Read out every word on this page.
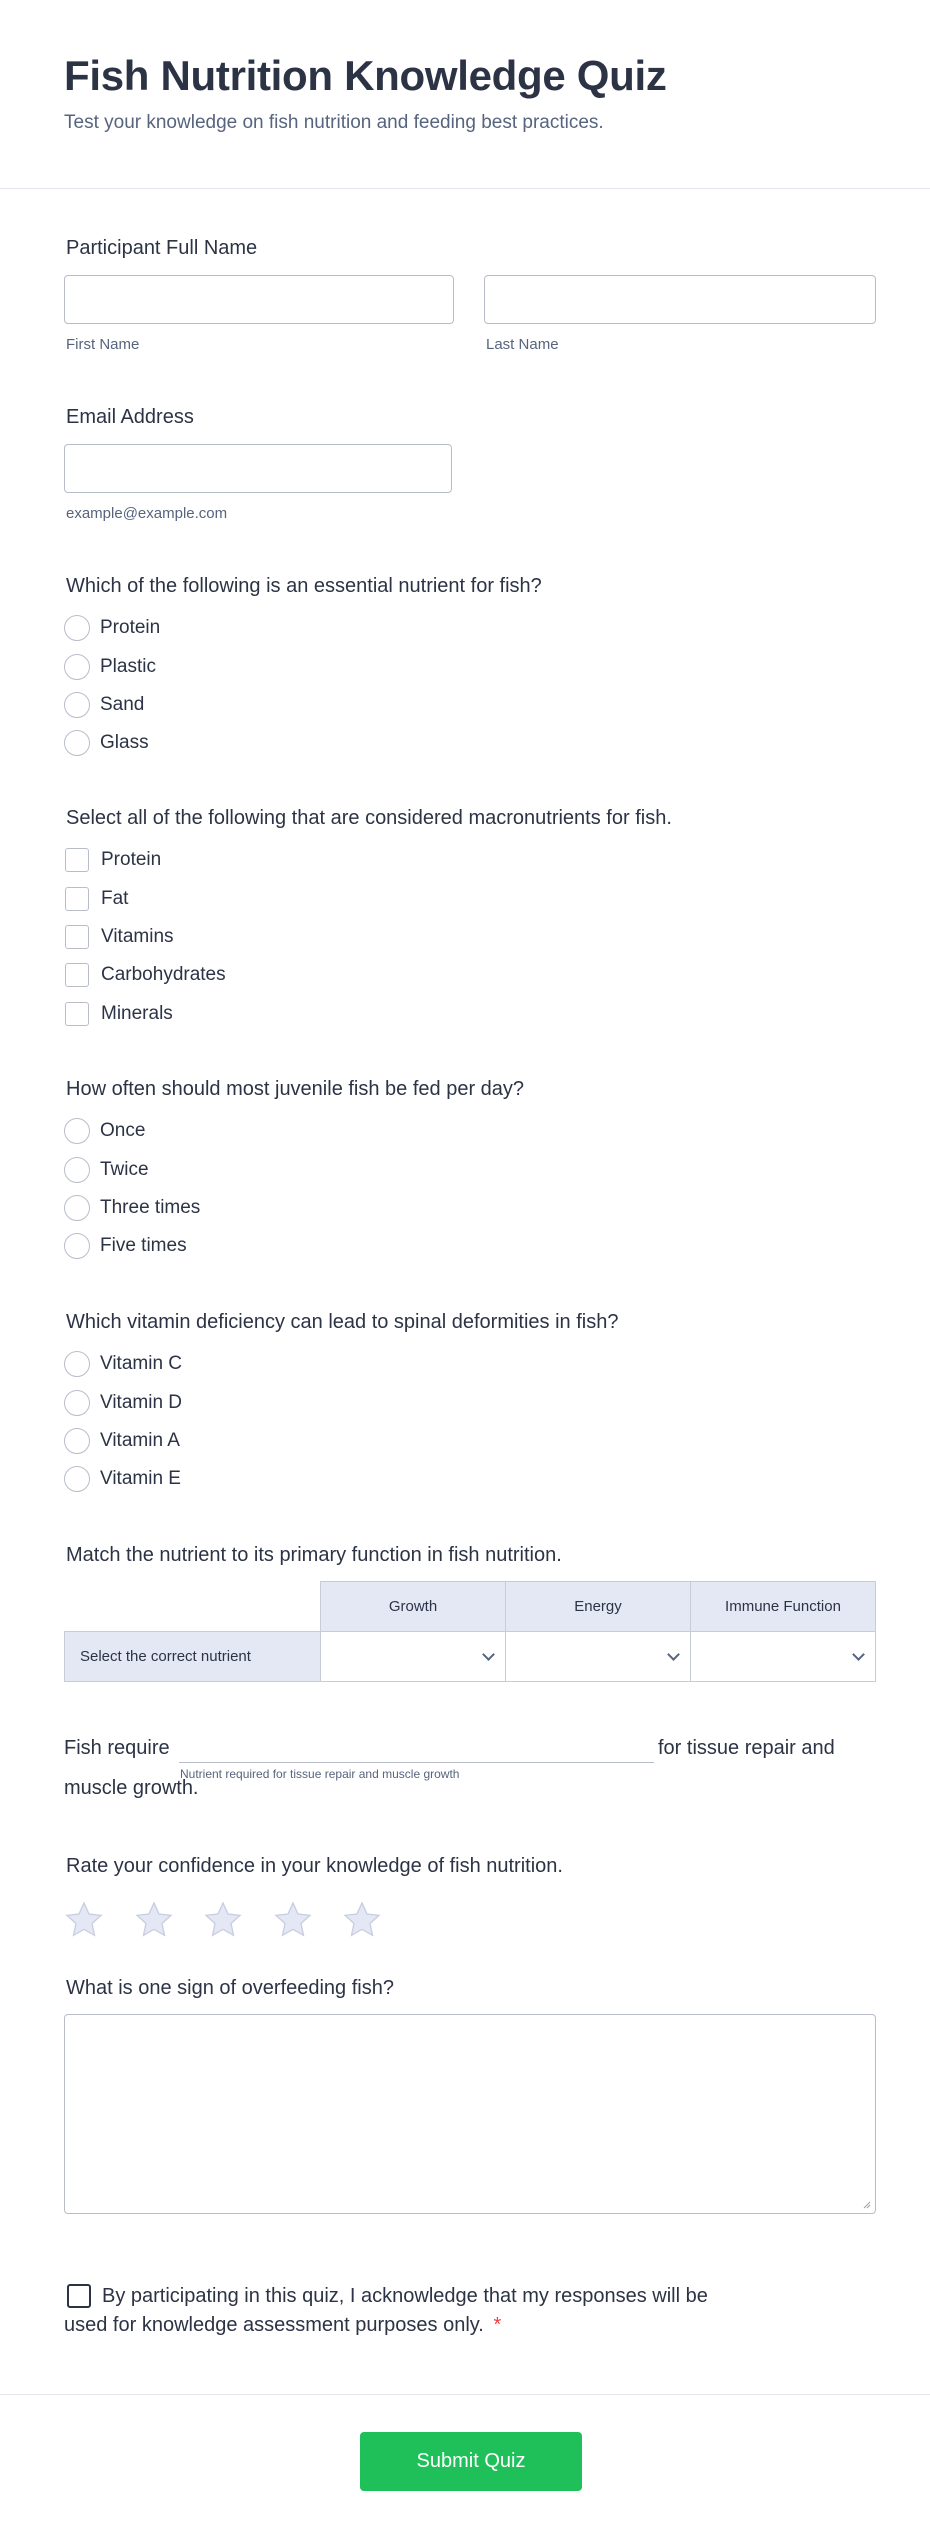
Fish Nutrition Knowledge Quiz
Test your knowledge on fish nutrition and feeding best practices.
Participant Full Name
First Name	Last Name
Email Address
example@example.com
Which of the following is an essential nutrient for fish?
Protein
Plastic
Sand
Glass
Select all of the following that are considered macronutrients for fish.
Protein
Fat
Vitamins
Carbohydrates
Minerals
How often should most juvenile fish be fed per day?
Once
Twice
Three times
Five times
Which vitamin deficiency can lead to spinal deformities in fish?
Vitamin C
Vitamin D
Vitamin A
Vitamin E
Match the nutrient to its primary function in fish nutrition.
	Growth	Energy	Immune Function
Select the correct nutrient	

Fish require
Nutrient required for tissue repair and muscle growth
for tissue repair and
muscle growth.
Rate your confidence in your knowledge of fish nutrition.
What is one sign of overfeeding fish?
By participating in this quiz, I acknowledge that my responses will be
used for knowledge assessment purposes only. *
Submit Quiz
